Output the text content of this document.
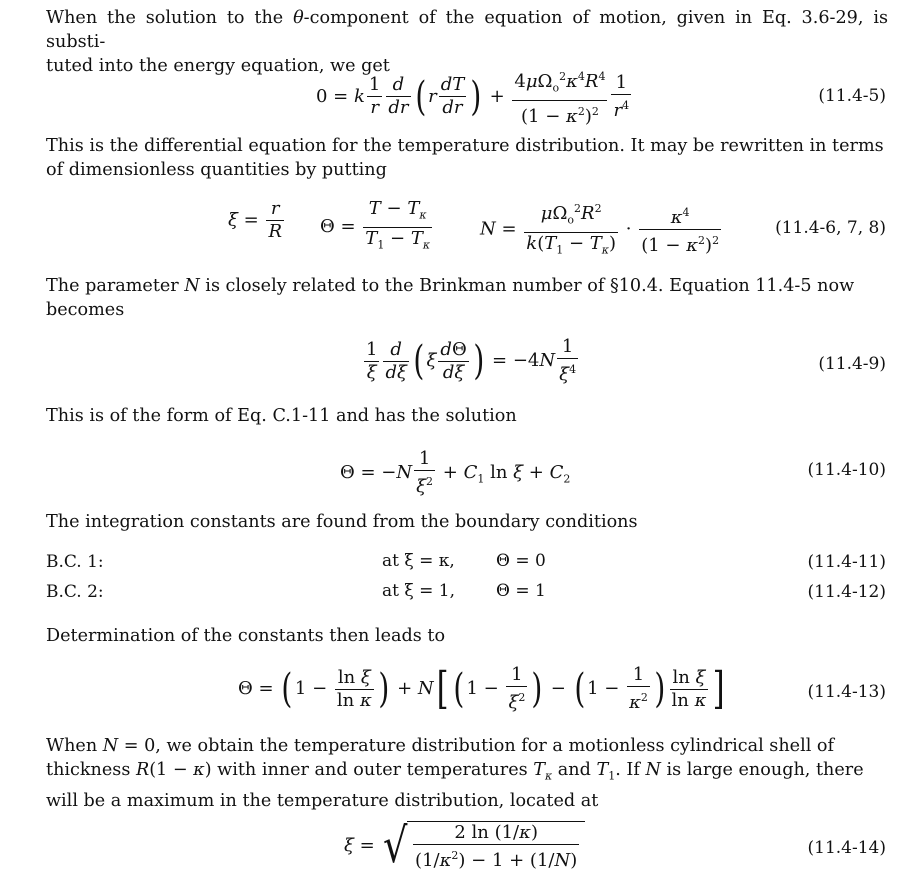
When the solution to the θ-component of the equation of motion, given in Eq. 3.6-29, is substi-
tuted into the energy equation, we get
0 = k $\frac{1}{r} \frac{d}{dr}$ ( r $\frac{dT}{dr}$ ) +
$4\mu\Omega_o^2\kappa^4R^4$
$(1 - \kappa^2)^2 \frac{1}{r^4}$	(11.4-5)
This is the differential equation for the temperature distribution. It may be rewritten in terms
of dimensionless quantities by putting
$\xi = \frac{r}{R}$ $\Theta = \frac{T - T_\kappa}{T_1 - T_\kappa}$	N =
$\mu\Omega_o^2R^2$
$k(T_1 - T_\kappa)$
· $\frac{\kappa^4}{(1 - \kappa^2)^2}$	(11.4-6, 7, 8)
The parameter N is closely related to the Brinkman number of §10.4. Equation 11.4-5 now
becomes
$\frac{1}{\xi} \frac{d}{d\xi}$ ( ξ $\frac{d\Theta}{d\xi}$ ) = $-4N \frac{1}{\xi^4}$	(11.4-9)
This is of the form of Eq. C.1-11 and has the solution
$\Theta = -N \frac{1}{\xi^2} + C_1$ $\ln \xi + C_2$	(11.4-10)
The integration constants are found from the boundary conditions
B.C. 1:	at ξ = κ, Θ = 0	(11.4-11)
B.C. 2:	at ξ = 1, Θ = 1	(11.4-12)
Determination of the constants then leads to
Θ = ( $1 - \frac{\text{ln ξ}}{\text{ln κ}}$ ) + N[ ( $1 - \frac{1}{\xi^2}$ ) − ( $1 - \frac{1}{\kappa^2}$ ) $\frac{\text{ln ξ}}{\text{ln κ}}$ ]	(11.4-13)
When N = 0, we obtain the temperature distribution for a motionless cylindrical shell of
thickness R(1 − κ) with inner and outer temperatures $T_\kappa$ and $T_1$. If N is large enough, there
will be a maximum in the temperature distribution, located at
ξ = √ $\frac{2 \ln (1/\kappa)}{(1/\kappa^2) - 1 + (1/N)}$	(11.4-14)
